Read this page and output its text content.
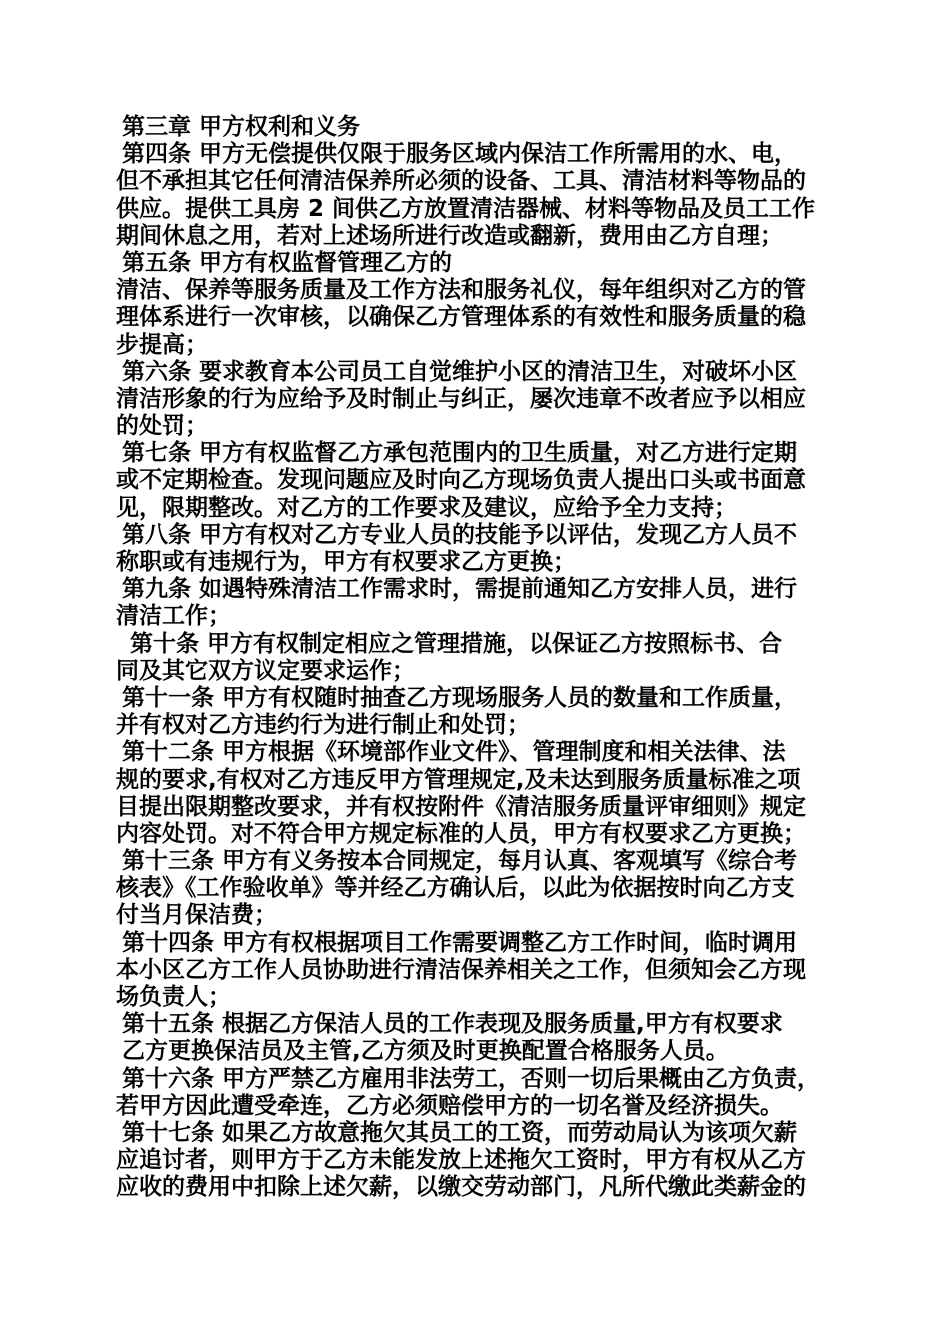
第三章 甲方权利和义务
第四条 甲方无偿提供仅限于服务区域内保洁工作所需用的水、电，
但不承担其它任何清洁保养所必须的设备、工具、清洁材料等物品的
供应。提供工具房 2 间供乙方放置清洁器械、材料等物品及员工工作
期间休息之用，若对上述场所进行改造或翻新，费用由乙方自理；
第五条 甲方有权监督管理乙方的
清洁、保养等服务质量及工作方法和服务礼仪，每年组织对乙方的管
理体系进行一次审核，以确保乙方管理体系的有效性和服务质量的稳
步提高；
第六条 要求教育本公司员工自觉维护小区的清洁卫生，对破坏小区
清洁形象的行为应给予及时制止与纠正，屡次违章不改者应予以相应
的处罚；
第七条 甲方有权监督乙方承包范围内的卫生质量，对乙方进行定期
或不定期检查。发现问题应及时向乙方现场负责人提出口头或书面意
见，限期整改。对乙方的工作要求及建议，应给予全力支持；
第八条 甲方有权对乙方专业人员的技能予以评估，发现乙方人员不
称职或有违规行为，甲方有权要求乙方更换；
第九条 如遇特殊清洁工作需求时，需提前通知乙方安排人员，进行
清洁工作；
第十条 甲方有权制定相应之管理措施，以保证乙方按照标书、合
同及其它双方议定要求运作；
第十一条 甲方有权随时抽查乙方现场服务人员的数量和工作质量，
并有权对乙方违约行为进行制止和处罚；
第十二条 甲方根据《环境部作业文件》、管理制度和相关法律、法
规的要求,有权对乙方违反甲方管理规定,及未达到服务质量标准之项
目提出限期整改要求，并有权按附件《清洁服务质量评审细则》规定
内容处罚。对不符合甲方规定标准的人员，甲方有权要求乙方更换；
第十三条 甲方有义务按本合同规定，每月认真、客观填写《综合考
核表》《工作验收单》等并经乙方确认后，以此为依据按时向乙方支
付当月保洁费；
第十四条 甲方有权根据项目工作需要调整乙方工作时间，临时调用
本小区乙方工作人员协助进行清洁保养相关之工作，但须知会乙方现
场负责人；
第十五条 根据乙方保洁人员的工作表现及服务质量,甲方有权要求
乙方更换保洁员及主管,乙方须及时更换配置合格服务人员。
第十六条 甲方严禁乙方雇用非法劳工，否则一切后果概由乙方负责，
若甲方因此遭受牵连，乙方必须赔偿甲方的一切名誉及经济损失。
第十七条 如果乙方故意拖欠其员工的工资，而劳动局认为该项欠薪
应追讨者，则甲方于乙方未能发放上述拖欠工资时，甲方有权从乙方
应收的费用中扣除上述欠薪，以缴交劳动部门，凡所代缴此类薪金的
